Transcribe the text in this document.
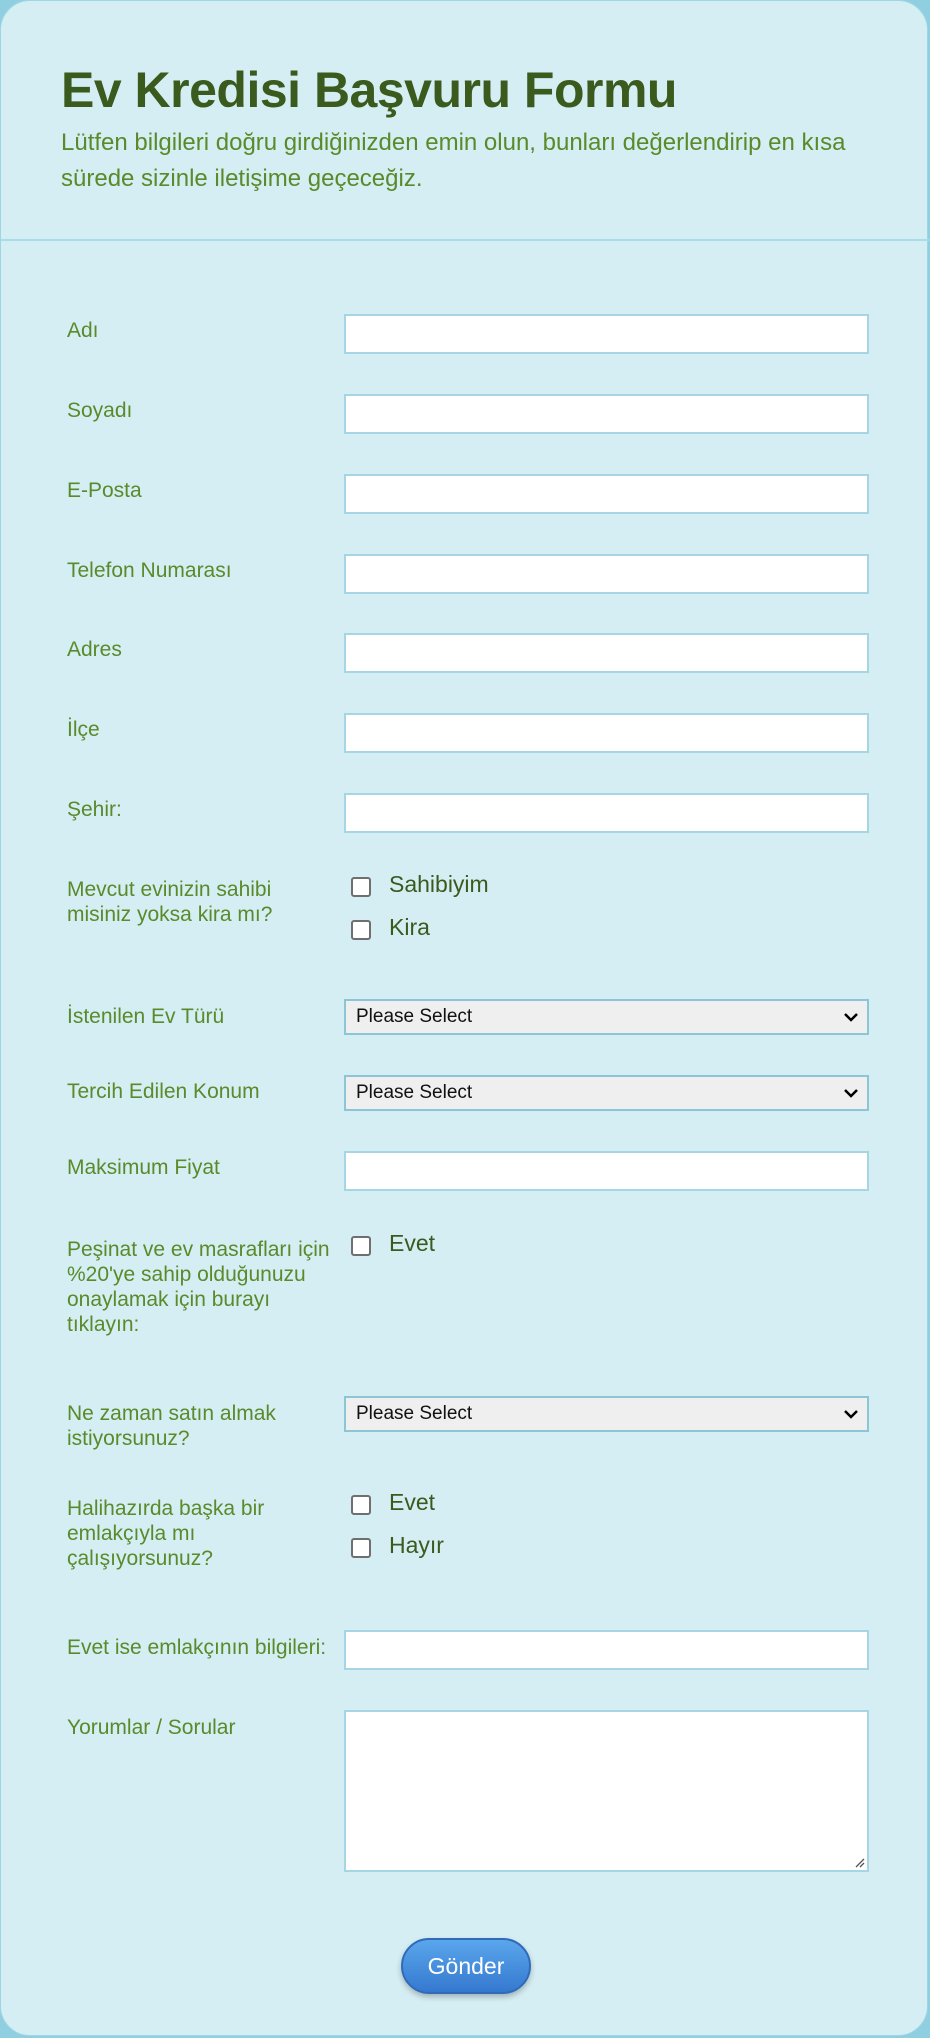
Ev Kredisi Başvuru Formu
Lütfen bilgileri doğru girdiğinizden emin olun, bunları değerlendirip en kısa sürede sizinle iletişime geçeceğiz.
Adı
Soyadı
E-Posta
Telefon Numarası
Adres
İlçe
Şehir:
Mevcut evinizin sahibi misiniz yoksa kira mı?
Sahibiyim
Kira
İstenilen Ev Türü	Please Select
Tercih Edilen Konum	Please Select
Maksimum Fiyat
Peşinat ve ev masrafları için %20'ye sahip olduğunuzu onaylamak için burayı tıklayın:
Evet
Ne zaman satın almak istiyorsunuz?
Please Select
Halihazırda başka bir emlakçıyla mı çalışıyorsunuz?
Evet
Hayır
Evet ise emlakçının bilgileri:
Yorumlar / Sorular
Gönder
